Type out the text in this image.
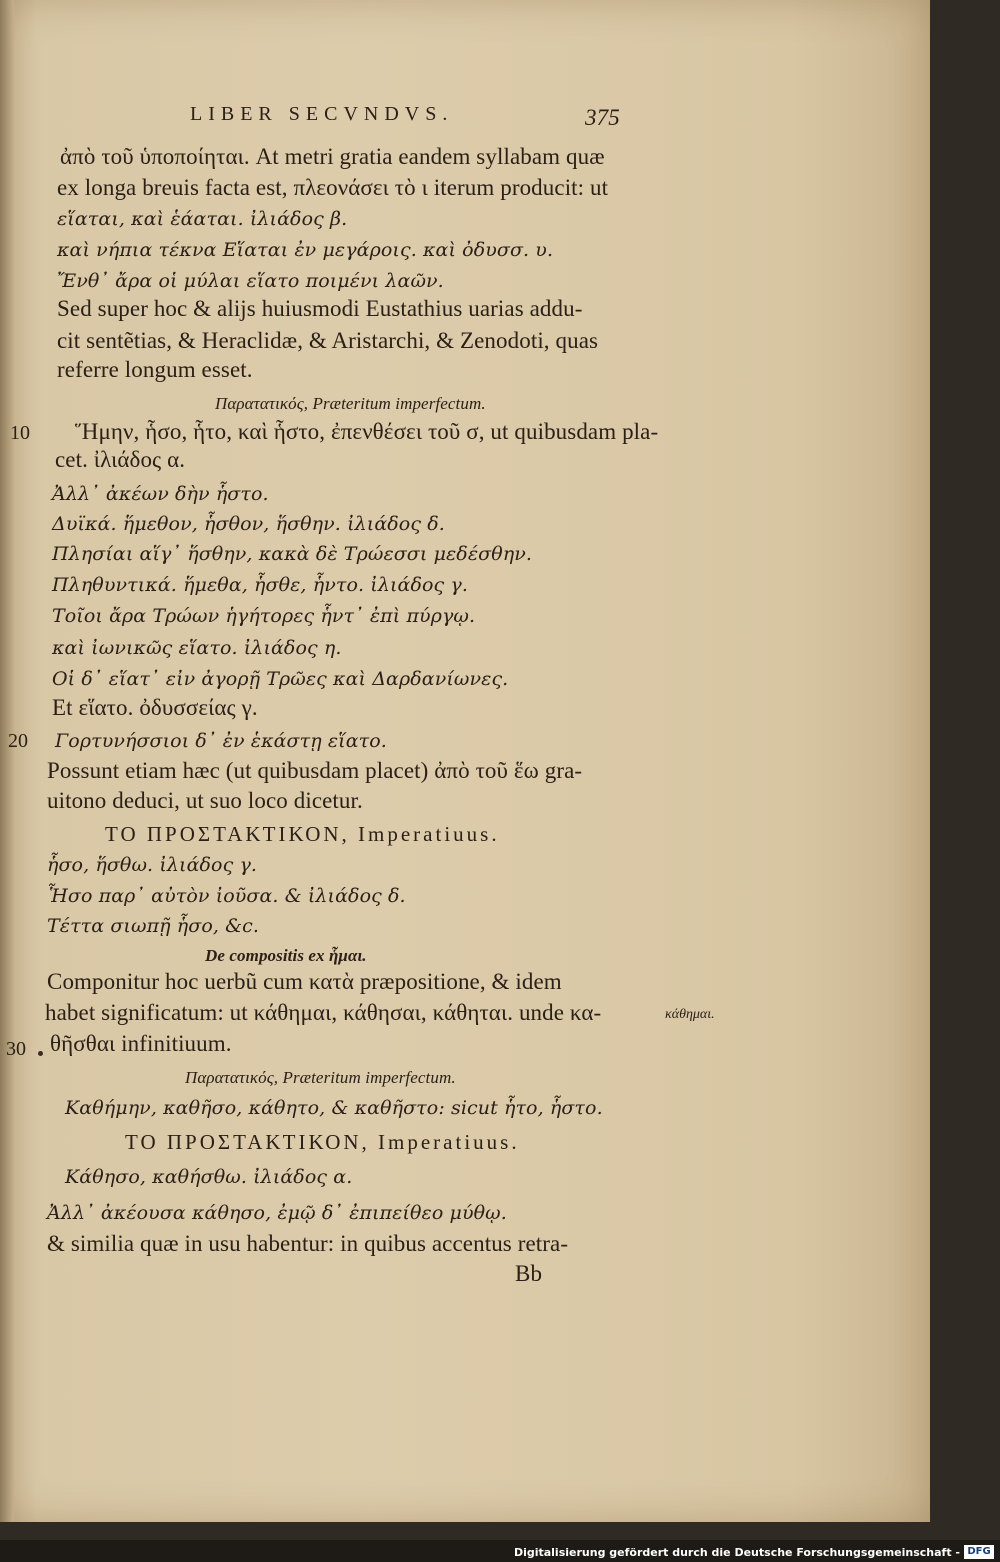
LIBER SECVNDVS.	375
ἀπὸ τοῦ ὑποποίηται. At metri gratia eandem syllabam quæ
ex longa breuis facta est, πλεονάσει τὸ ι iterum producit: ut
εἵαται, καὶ ἑάαται. ἰλιάδος β.
καὶ νήπια τέκνα Εἵαται ἐν μεγάροις. καὶ ὀδυσσ. υ.
Ἔνθ᾽ ἄρα οἱ μύλαι εἵατο ποιμένι λαῶν.
Sed super hoc & alijs huiusmodi Eustathius uarias addu-
cit sentẽtias, & Heraclidæ, & Aristarchi, & Zenodoti, quas
referre longum esset.
Παρατατικός, Præteritum imperfectum.
10 Ἥμην, ἧσο, ἧτο, καὶ ἧστο, ἐπενθέσει τοῦ σ, ut quibusdam pla-
cet. ἰλιάδος α.
Ἀλλ᾽ ἀκέων δὴν ἧστο.
Δυϊκά. ἥμεθον, ἧσθον, ἥσθην. ἰλιάδος δ.
Πλησίαι αἵγ᾽ ἥσθην, κακὰ δὲ Τρώεσσι μεδέσθην.
Πληθυντικά. ἥμεθα, ἧσθε, ἧντο. ἰλιάδος γ.
Τοῖοι ἄρα Τρώων ἡγήτορες ἧντ᾽ ἐπὶ πύργῳ.
καὶ ἰωνικῶς εἵατο. ἰλιάδος η.
Οἱ δ᾽ εἵατ᾽ εἰν ἀγορῇ Τρῶες καὶ Δαρδανίωνες.
Et εἵατο. ὀδυσσείας γ.
20 Γορτυνήσσιοι δ᾽ ἐν ἑκάστῃ εἵατο.
Possunt etiam hæc (ut quibusdam placet) ἀπὸ τοῦ ἕω gra-
uitono deduci, ut suo loco dicetur.
ΤΟ ΠΡΟΣΤΑΚΤΙΚΟΝ, Imperatiuus.
ἧσο, ἥσθω. ἰλιάδος γ.
Ἧσο παρ᾽ αὐτὸν ἰοῦσα. & ἰλιάδος δ.
Τέττα σιωπῇ ἧσο, &c.
De compositis ex ἧμαι.
Componitur hoc uerbũ cum κατὰ præpositione, & idem
habet significatum: ut κάθημαι, κάθησαι, κάθηται. unde κα-	κάθημαι.
30 θῆσθαι infinitiuum.
Παρατατικός, Præteritum imperfectum.
Καθήμην, καθῆσο, κάθητο, & καθῆστο: sicut ἧτο, ἧστο.
ΤΟ ΠΡΟΣΤΑΚΤΙΚΟΝ, Imperatiuus.
Κάθησο, καθήσθω. ἰλιάδος α.
Ἀλλ᾽ ἀκέουσα κάθησο, ἐμῷ δ᾽ ἐπιπείθεο μύθῳ.
& similia quæ in usu habentur: in quibus accentus retra-
Bb
Digitalisierung gefördert durch die Deutsche Forschungsgemeinschaft - DFG
